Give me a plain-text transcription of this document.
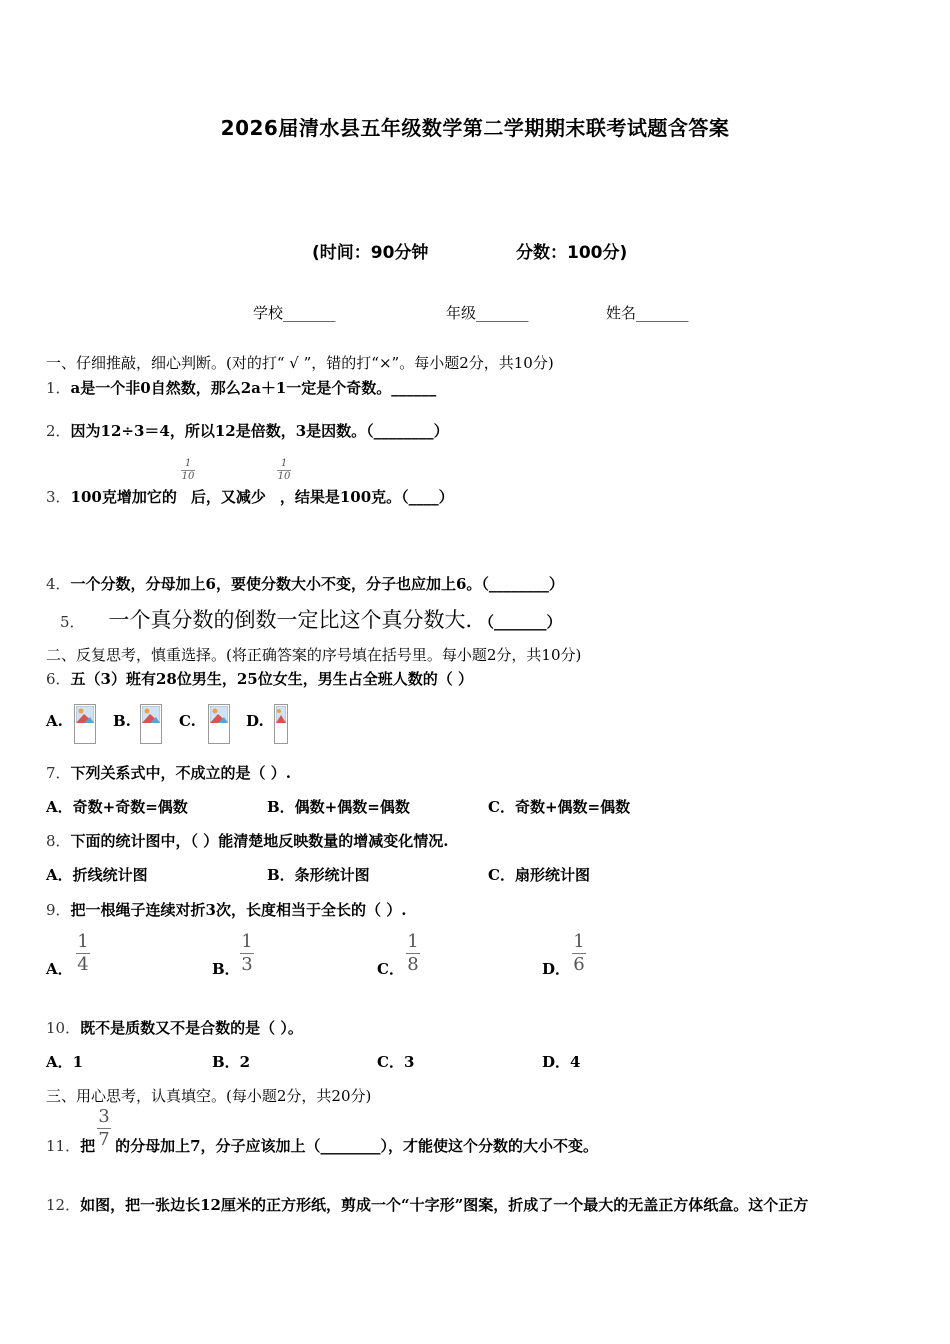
2026届清水县五年级数学第二学期期末联考试题含答案
(时间：90分钟	分数：100分)
学校_______	年级_______	姓名_______
一、仔细推敲，细心判断。(对的打“ √ ”，错的打“×”。每小题2分，共10分)
1．a是一个非0自然数，那么2a＋1一定是个奇数。______
2．因为12÷3＝4，所以12是倍数，3是因数。（________）
1
10
1
10
3．100克增加它的 后，又减少 ，结果是100克。（____）
4．一个分数，分母加上6，要使分数大小不变，分子也应加上6。（________）
5． 一个真分数的倒数一定比这个真分数大．（_______）
二、反复思考，慎重选择。(将正确答案的序号填在括号里。每小题2分，共10分)
6．五（3）班有28位男生，25位女生，男生占全班人数的（ ）
A.	B.	C.	D.
7．下列关系式中，不成立的是（ ）.
A．奇数+奇数=偶数	B．偶数+偶数=偶数	C．奇数+偶数=偶数
8．下面的统计图中，（ ）能清楚地反映数量的增减变化情况.
A．折线统计图	B．条形统计图	C．扇形统计图
9．把一根绳子连续对折3次，长度相当于全长的（ ）.
A．
1
4	B．
1
3	C．
1
8	D．
1
6
10．既不是质数又不是合数的是（ ）。
A．1	B．2	C．3	D．4
三、用心思考，认真填空。(每小题2分，共20分)
3
7
11．把 的分母加上7，分子应该加上（________），才能使这个分数的大小不变。
12．如图，把一张边长12厘米的正方形纸，剪成一个“十字形”图案，折成了一个最大的无盖正方体纸盒。这个正方
